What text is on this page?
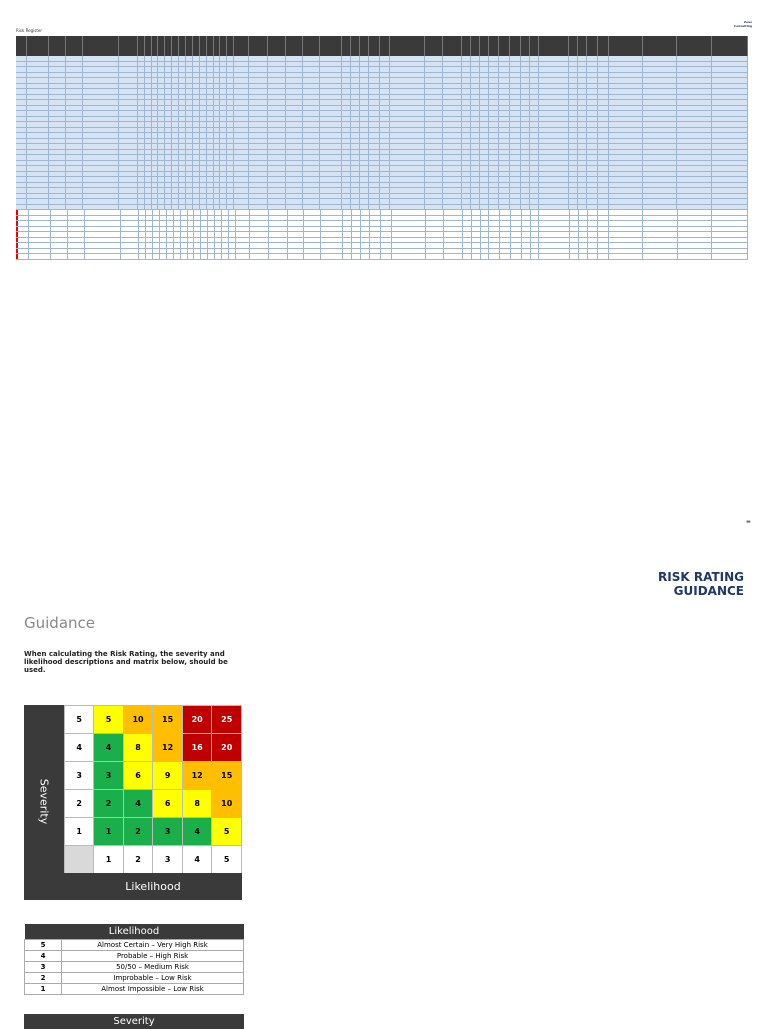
Risk Register
Zeus
Consulting
▬
RISK RATING
GUIDANCE
Guidance
When calculating the Risk Rating, the severity and likelihood descriptions and matrix below, should be used.
Severity
5	5	10	15	20	25
4	4	8	12	16	20
3	3	6	9	12	15
2	2	4	6	8	10
1	1	2	3	4	5
	1	2	3	4	5
Likelihood
Likelihood	
5	Almost Certain – Very High Risk
4	Probable – High Risk
3	50/50 – Medium Risk
2	Improbable – Low Risk
1	Almost Impossible – Low Risk
Severity
